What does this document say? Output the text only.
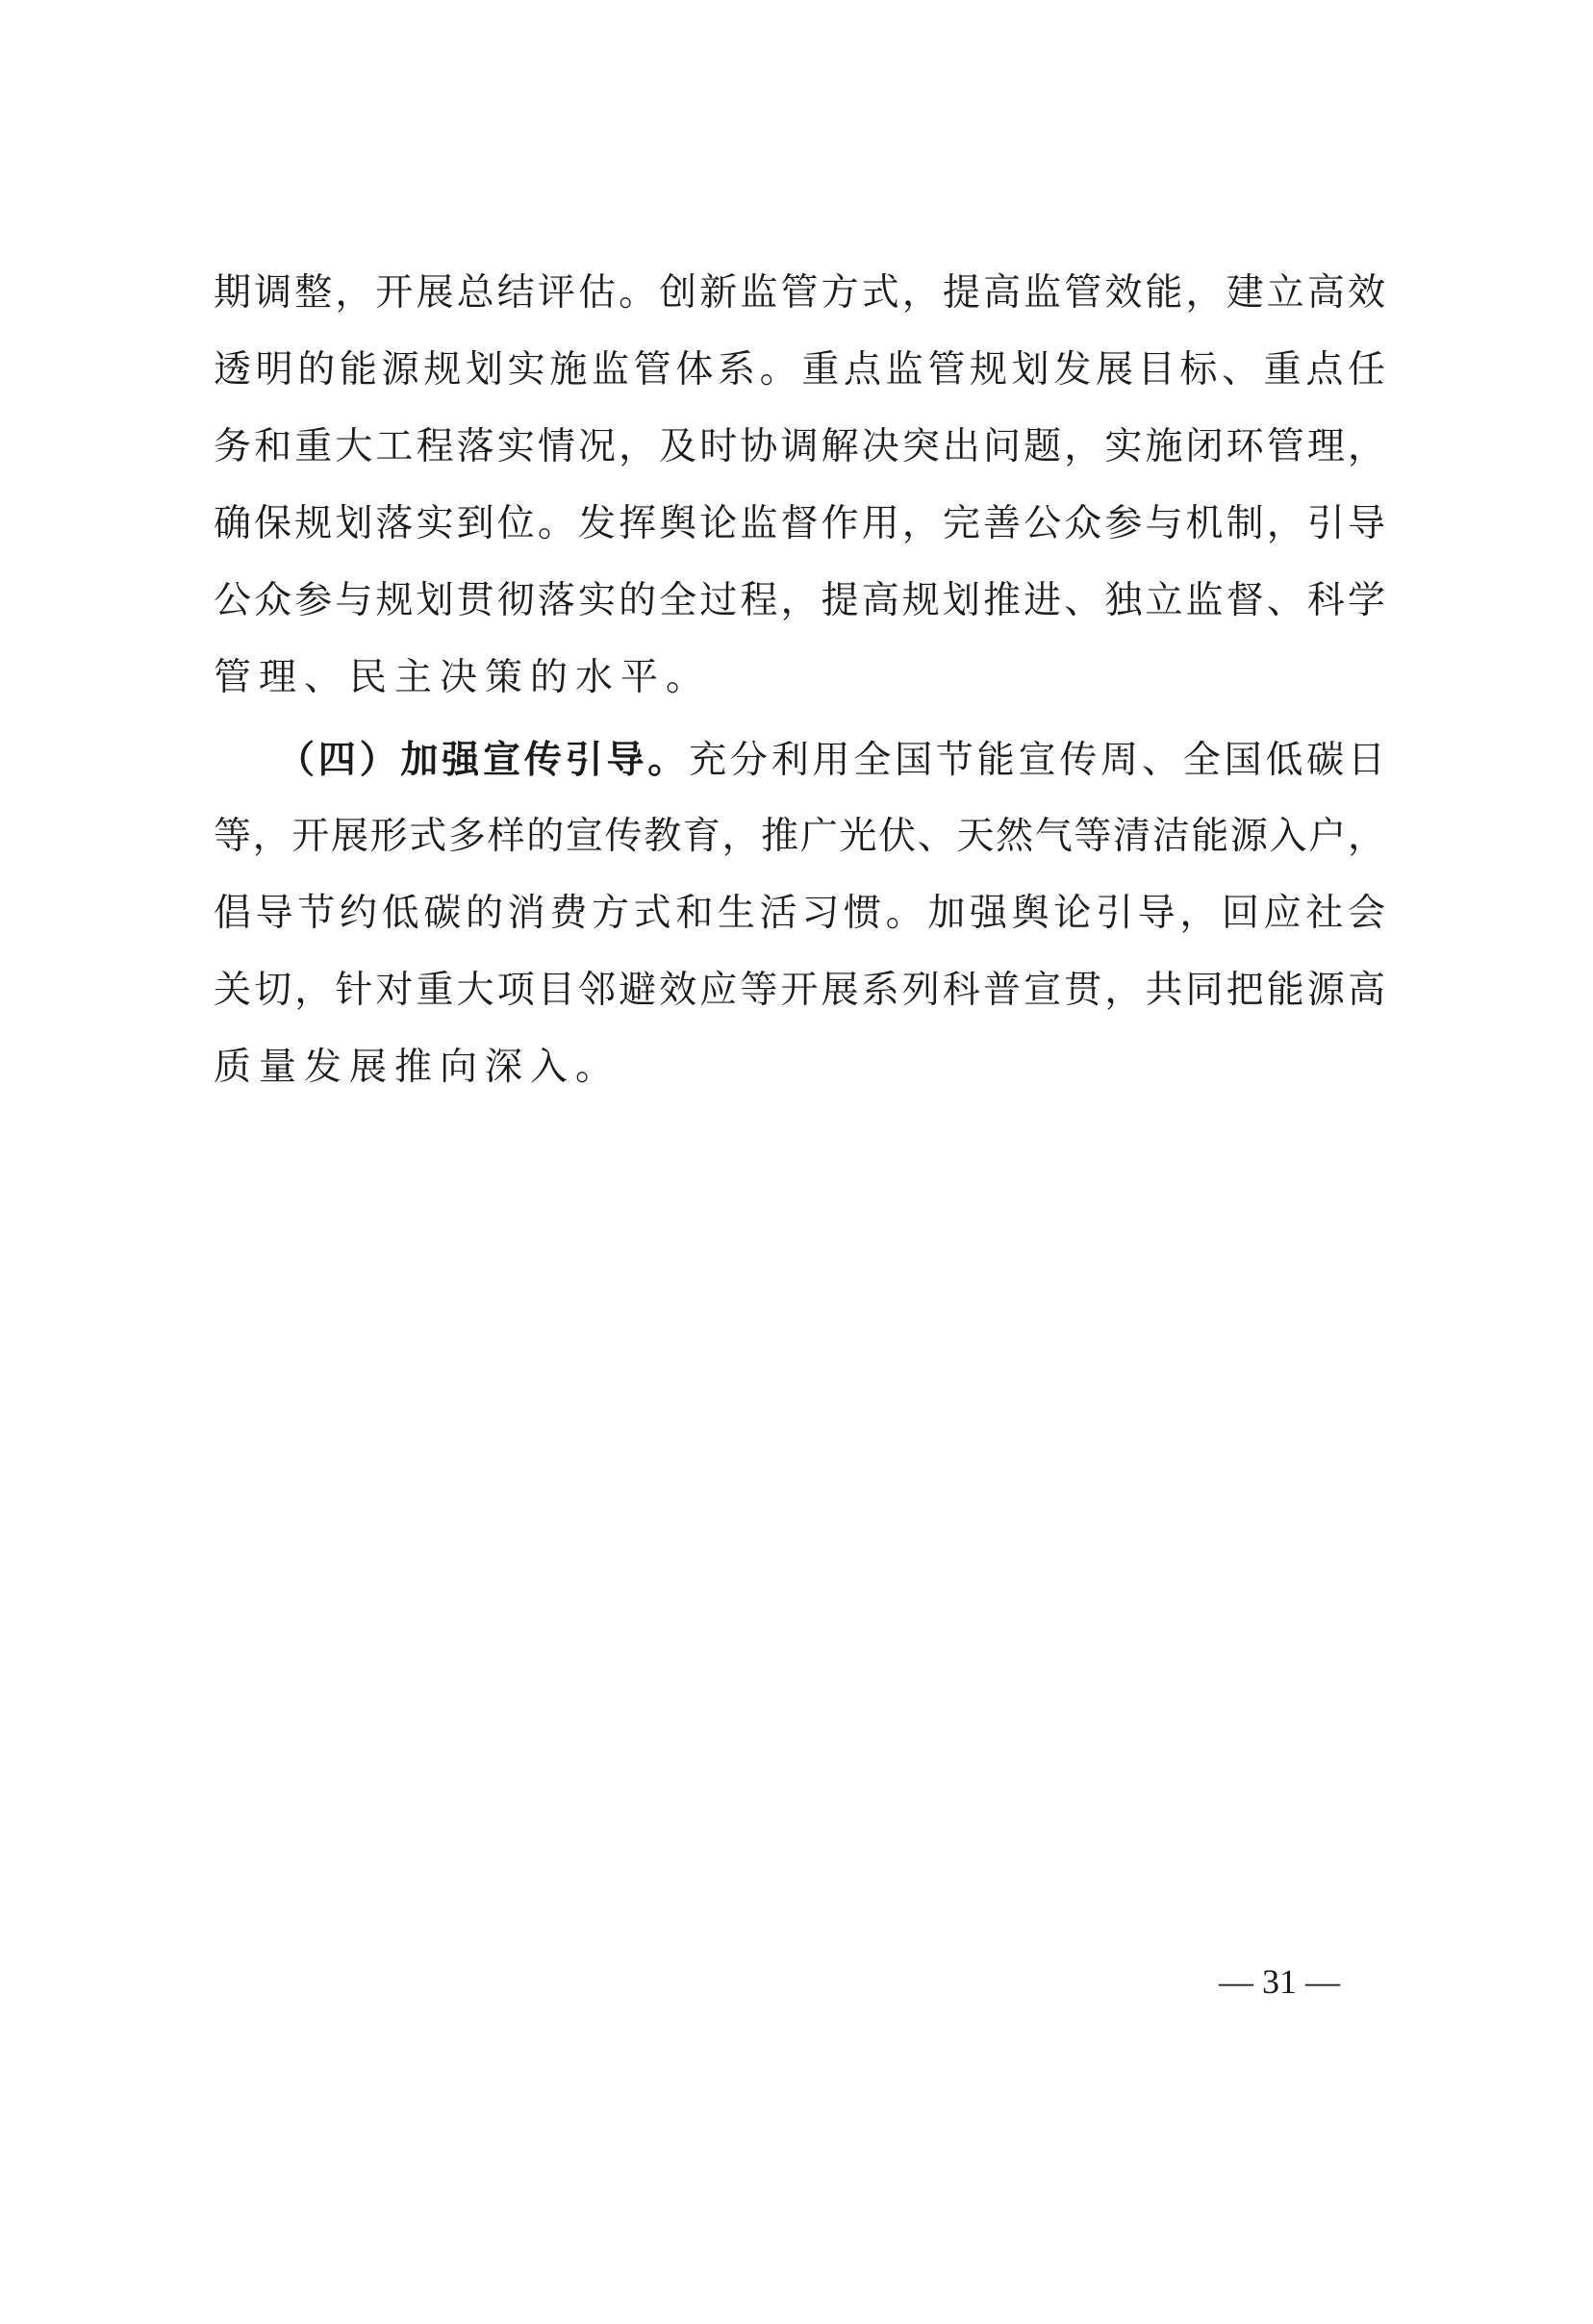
期调整，开展总结评估。创新监管方式，提高监管效能，建立高效
透明的能源规划实施监管体系。重点监管规划发展目标、重点任
务和重大工程落实情况，及时协调解决突出问题，实施闭环管理，
确保规划落实到位。发挥舆论监督作用，完善公众参与机制，引导
公众参与规划贯彻落实的全过程，提高规划推进、独立监督、科学
管理、民主决策的水平。
（四）加强宣传引导。充分利用全国节能宣传周、全国低碳日
等，开展形式多样的宣传教育，推广光伏、天然气等清洁能源入户，
倡导节约低碳的消费方式和生活习惯。加强舆论引导，回应社会
关切，针对重大项目邻避效应等开展系列科普宣贯，共同把能源高
质量发展推向深入。
— 31 —
